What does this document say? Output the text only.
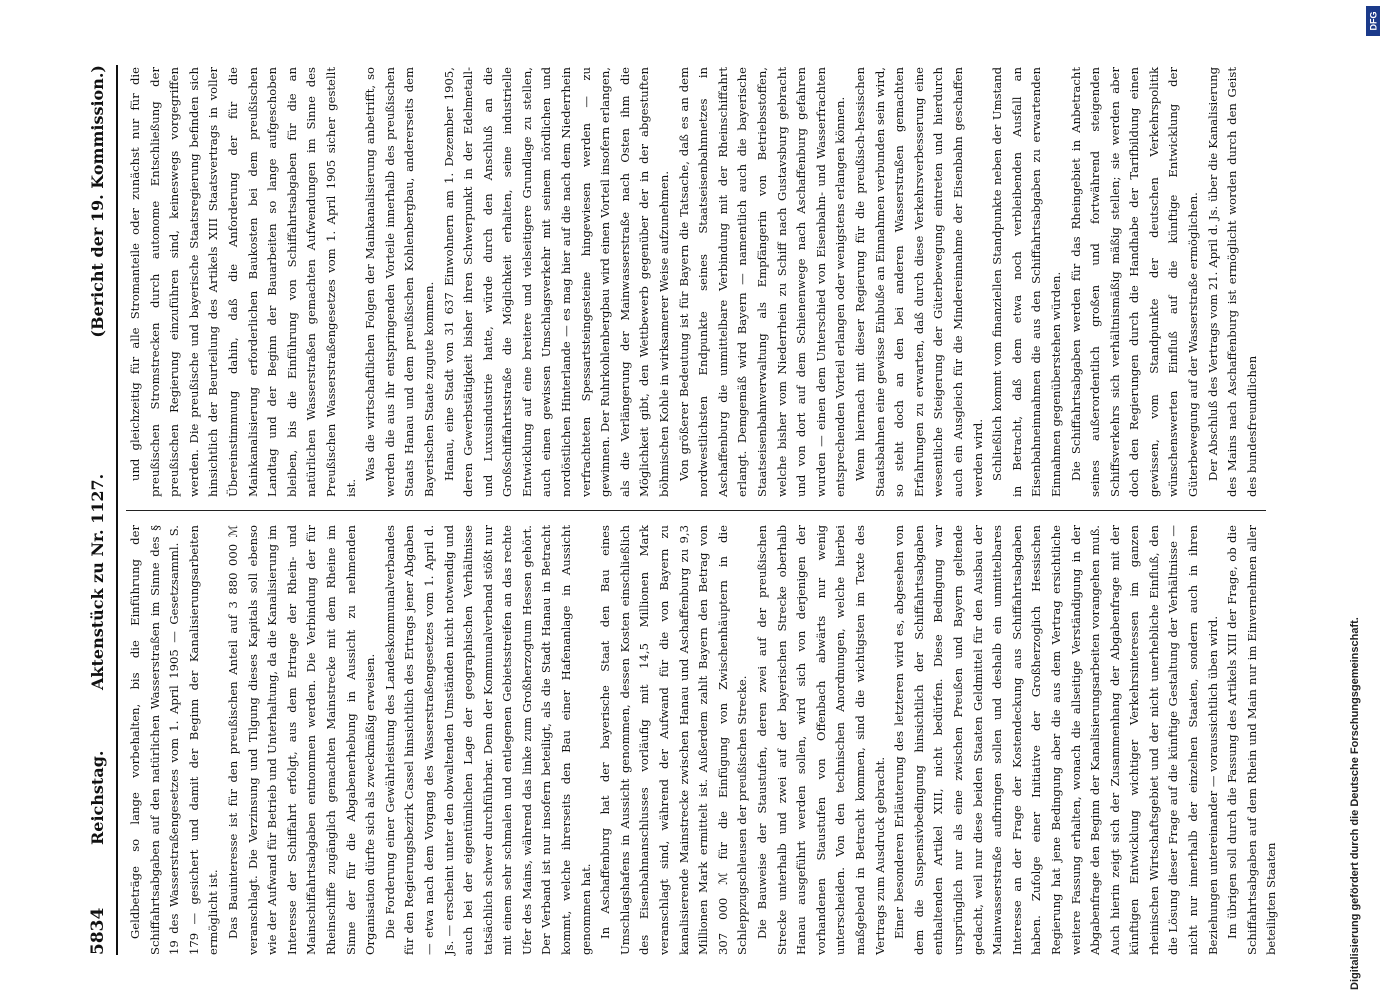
5834
Reichstag.
Aktenstück zu Nr. 1127.
(Bericht der 19. Kommission.)

Geldbeträge so lange vorbehalten, bis die Einführung der Schiffahrtsabgaben auf den natürlichen Wasserstraßen im Sinne des § 19 des Wasserstraßengesetzes vom 1. April 1905 — Gesetzsamml. S. 179 — gesichert und damit der Beginn der Kanalisierungsarbeiten ermöglicht ist. Das Bauinteresse ist für den preußischen Anteil auf 3 880 000 ℳ veranschlagt. Die Verzinsung und Tilgung dieses Kapitals soll ebenso wie der Aufwand für Betrieb und Unterhaltung, da die Kanalisierung im Interesse der Schiffahrt erfolgt, aus dem Ertrage der Rhein- und Mainschiffahrtsabgaben entnommen werden. Die Verbindung der für Rheinschiffe zugänglich gemachten Mainstrecke mit dem Rheine im Sinne der für die Abgabenerhebung in Aussicht zu nehmenden Organisation dürfte sich als zweckmäßig erweisen. Die Forderung einer Gewährleistung des Landeskommunalverbandes für den Regierungsbezirk Cassel hinsichtlich des Ertrags jener Abgaben — etwa nach dem Vorgang des Wasserstraßengesetzes vom 1. April d. Js. — erscheint unter den obwaltenden Umständen nicht notwendig und auch bei der eigentümlichen Lage der geographischen Verhältnisse tatsächlich schwer durchführbar. Denn der Kommunalverband stößt nur mit einem sehr schmalen und entlegenen Gebietsstreifen an das rechte Ufer des Mains, während das linke zum Großherzogtum Hessen gehört. Der Verband ist nur insofern beteiligt, als die Stadt Hanau in Betracht kommt, welche ihrerseits den Bau einer Hafenanlage in Aussicht genommen hat. In Aschaffenburg hat der bayerische Staat den Bau eines Umschlagshafens in Aussicht genommen, dessen Kosten einschließlich des Eisenbahnanschlusses vorläufig mit 14,5 Millionen Mark veranschlagt sind, während der Aufwand für die von Bayern zu kanalisierende Mainstrecke zwischen Hanau und Aschaffenburg zu 9,3 Millionen Mark ermittelt ist. Außerdem zahlt Bayern den Betrag von 307 000 ℳ für die Einfügung von Zwischenhäuptern in die Schleppzugschleusen der preußischen Strecke. Die Bauweise der Staustufen, deren zwei auf der preußischen Strecke unterhalb und zwei auf der bayerischen Strecke oberhalb Hanau ausgeführt werden sollen, wird sich von derjenigen der vorhandenen Staustufen von Offenbach abwärts nur wenig unterscheiden. Von den technischen Anordnungen, welche hierbei maßgebend in Betracht kommen, sind die wichtigsten im Texte des Vertrags zum Ausdruck gebracht. Einer besonderen Erläuterung des letzteren wird es, abgesehen von dem die Suspensivbedingung hinsichtlich der Schiffahrtsabgaben enthaltenden Artikel XIII, nicht bedürfen. Diese Bedingung war ursprünglich nur als eine zwischen Preußen und Bayern geltende gedacht, weil nur diese beiden Staaten Geldmittel für den Ausbau der Mainwasserstraße aufbringen sollen und deshalb ein unmittelbares Interesse an der Frage der Kostendeckung aus Schiffahrtsabgaben haben. Zufolge einer Initiative der Großherzoglich Hessischen Regierung hat jene Bedingung aber die aus dem Vertrag ersichtliche weitere Fassung erhalten, wonach die allseitige Verständigung in der Abgabenfrage den Beginn der Kanalisierungsarbeiten vorangehen muß. Auch hierin zeigt sich der Zusammenhang der Abgabenfrage mit der künftigen Entwicklung wichtiger Verkehrsinteressen im ganzen rheinischen Wirtschaftsgebiet und der nicht unerhebliche Einfluß, den die Lösung dieser Frage auf die künftige Gestaltung der Verhältnisse — nicht nur innerhalb der einzelnen Staaten, sondern auch in ihren Beziehungen untereinander — voraussichtlich üben wird. Im übrigen soll durch die Fassung des Artikels XIII der Frage, ob die Schiffahrtsabgaben auf dem Rhein und Main nur im Einvernehmen aller beteiligten Staaten

und gleichzeitig für alle Stromanteile oder zunächst nur für die preußischen Stromstrecken durch autonome Entschließung der preußischen Regierung einzuführen sind, keineswegs vorgegriffen werden. Die preußische und bayerische Staatsregierung befinden sich hinsichtlich der Beurteilung des Artikels XIII Staatsvertrags in voller Übereinstimmung dahin, daß die Anforderung der für die Mainkanalisierung erforderlichen Baukosten bei dem preußischen Landtag und der Beginn der Bauarbeiten so lange aufgeschoben bleiben, bis die Einführung von Schiffahrtsabgaben für die an natürlichen Wasserstraßen gemachten Aufwendungen im Sinne des Preußischen Wasserstraßengesetzes vom 1. April 1905 sicher gestellt ist.

Was die wirtschaftlichen Folgen der Mainkanalisierung anbetrifft, so werden die aus ihr entspringenden Vorteile innerhalb des preußischen Staats Hanau und dem preußischen Kohlenbergbau, andererseits dem Bayerischen Staate zugute kommen. Hanau, eine Stadt von 31 637 Einwohnern am 1. Dezember 1905, deren Gewerbstätigkeit bisher ihren Schwerpunkt in der Edelmetall- und Luxusindustrie hatte, würde durch den Anschluß an die Großschiffahrtsstraße die Möglichkeit erhalten, seine industrielle Entwicklung auf eine breitere und vielseitigere Grundlage zu stellen, auch einen gewissen Umschlagsverkehr mit seinem nördlichen und nordöstlichen Hinterlande — es mag hier auf die nach dem Niederrhein verfrachteten Spessartsteingesteine hingewiesen werden — zu gewinnen. Der Ruhrkohlenbergbau wird einen Vorteil insofern erlangen, als die Verlängerung der Mainwasserstraße nach Osten ihm die Möglichkeit gibt, den Wettbewerb gegenüber der in der abgestuften böhmischen Kohle in wirksamerer Weise aufzunehmen. Von größerer Bedeutung ist für Bayern die Tatsache, daß es an dem nordwestlichsten Endpunkte seines Staatseisenbahnnetzes in Aschaffenburg die unmittelbare Verbindung mit der Rheinschiffahrt erlangt. Demgemäß wird Bayern — namentlich auch die bayerische Staatseisenbahnverwaltung als Empfängerin von Betriebsstoffen, welche bisher vom Niederrhein zu Schiff nach Gustavsburg gebracht und von dort auf dem Schienenwege nach Aschaffenburg gefahren wurden — einen dem Unterschied von Eisenbahn- und Wasserfrachten entsprechenden Vorteil erlangen oder wenigstens erlangen können. Wenn hiernach mit dieser Regierung für die preußisch-hessischen Staatsbahnen eine gewisse Einbuße an Einnahmen verbunden sein wird, so steht doch an den bei anderen Wasserstraßen gemachten Erfahrungen zu erwarten, daß durch diese Verkehrsverbesserung eine wesentliche Steigerung der Güterbewegung eintreten und hierdurch auch ein Ausgleich für die Mindereinnahme der Eisenbahn geschaffen werden wird. Schließlich kommt vom finanziellen Standpunkte neben der Umstand in Betracht, daß dem etwa noch verbleibenden Ausfall an Eisenbahneinnahmen die aus den Schiffahrtsabgaben zu erwartenden Einnahmen gegenüberstehen würden. Die Schiffahrtsabgaben werden für das Rheingebiet in Anbetracht seines außerordentlich großen und fortwährend steigenden Schiffsverkehrs sich verhältnismäßig mäßig stellen; sie werden aber doch den Regierungen durch die Handhabe der Tarifbildung einen gewissen, vom Standpunkte der deutschen Verkehrspolitik wünschenswerten Einfluß auf die künftige Entwicklung der Güterbewegung auf der Wasserstraße ermöglichen. Der Abschluß des Vertrags vom 21. April d. Js. über die Kanalisierung des Mains nach Aschaffenburg ist ermöglicht worden durch den Geist des bundesfreundlichen

Digitalisierung gefördert durch die Deutsche Forschungsgemeinschaft.
DFG
